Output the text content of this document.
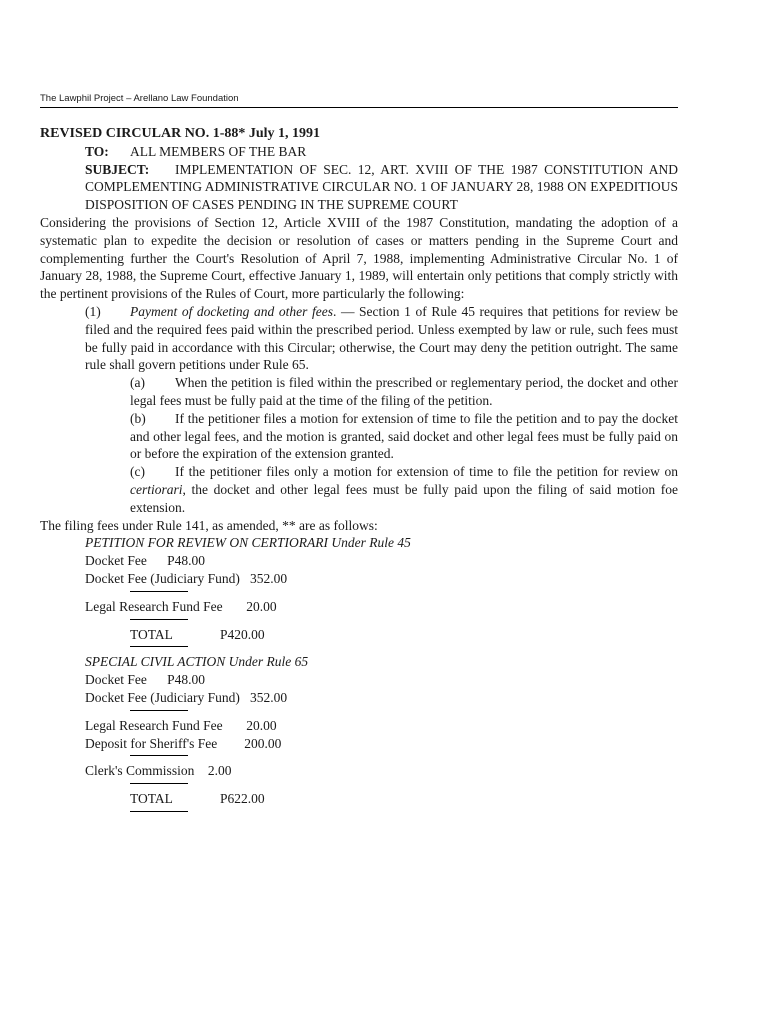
The Lawphil Project – Arellano Law Foundation

REVISED CIRCULAR NO. 1-88* July 1, 1991

TO: ALL MEMBERS OF THE BAR

SUBJECT: IMPLEMENTATION OF SEC. 12, ART. XVIII OF THE 1987 CONSTITUTION AND COMPLEMENTING ADMINISTRATIVE CIRCULAR NO. 1 OF JANUARY 28, 1988 ON EXPEDITIOUS DISPOSITION OF CASES PENDING IN THE SUPREME COURT

Considering the provisions of Section 12, Article XVIII of the 1987 Constitution, mandating the adoption of a systematic plan to expedite the decision or resolution of cases or matters pending in the Supreme Court and complementing further the Court's Resolution of April 7, 1988, implementing Administrative Circular No. 1 of January 28, 1988, the Supreme Court, effective January 1, 1989, will entertain only petitions that comply strictly with the pertinent provisions of the Rules of Court, more particularly the following:

(1) Payment of docketing and other fees. — Section 1 of Rule 45 requires that petitions for review be filed and the required fees paid within the prescribed period. Unless exempted by law or rule, such fees must be fully paid in accordance with this Circular; otherwise, the Court may deny the petition outright. The same rule shall govern petitions under Rule 65.

(a) When the petition is filed within the prescribed or reglementary period, the docket and other legal fees must be fully paid at the time of the filing of the petition.

(b) If the petitioner files a motion for extension of time to file the petition and to pay the docket and other legal fees, and the motion is granted, said docket and other legal fees must be fully paid on or before the expiration of the extension granted.

(c) If the petitioner files only a motion for extension of time to file the petition for review on certiorari, the docket and other legal fees must be fully paid upon the filing of said motion foe extension.

The filing fees under Rule 141, as amended, ** are as follows:

PETITION FOR REVIEW ON CERTIORARI Under Rule 45

Docket Fee      P48.00

Docket Fee (Judiciary Fund)   352.00

Legal Research Fund Fee       20.00

TOTAL	P420.00

SPECIAL CIVIL ACTION Under Rule 65

Docket Fee      P48.00

Docket Fee (Judiciary Fund)   352.00

Legal Research Fund Fee       20.00

Deposit for Sheriff's Fee        200.00

Clerk's Commission    2.00

TOTAL	P622.00
